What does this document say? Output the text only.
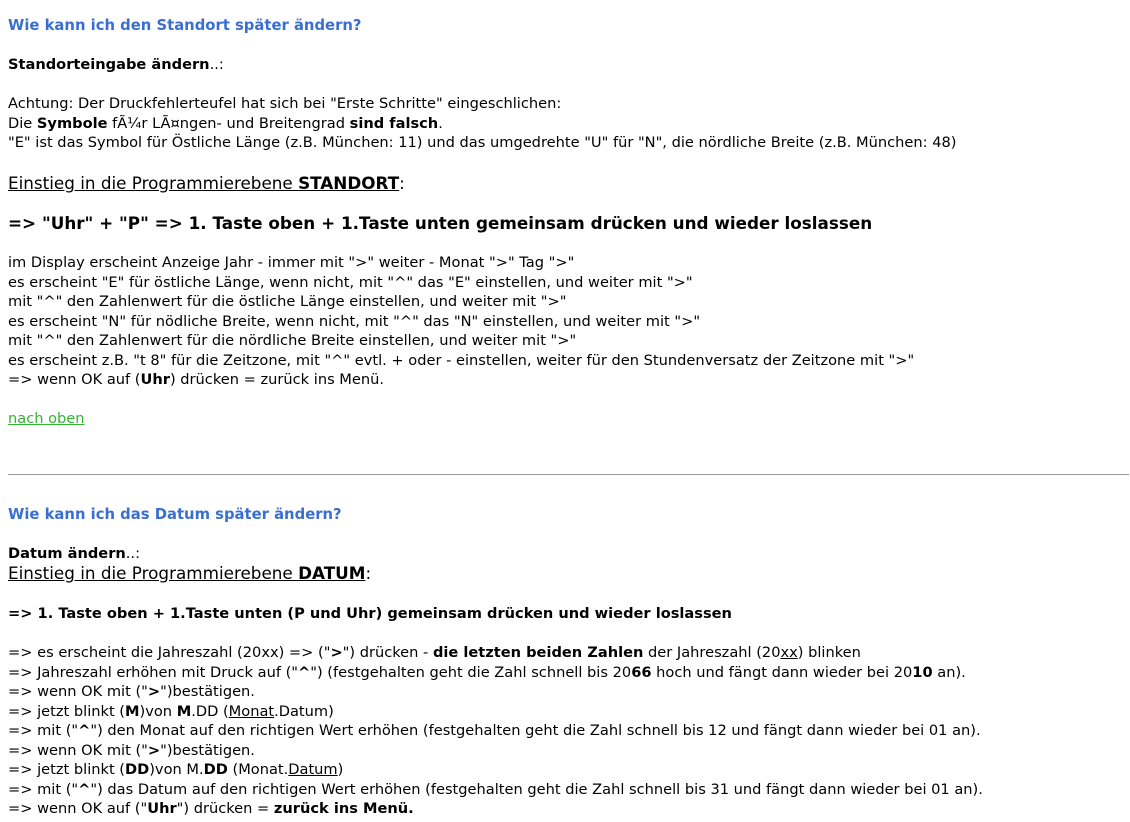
Wie kann ich den Standort später ändern?
Standorteingabe ändern..:
Achtung: Der Druckfehlerteufel hat sich bei "Erste Schritte" eingeschlichen:
Die Symbole fÃ¼r LÃ¤ngen- und Breitengrad sind falsch.
"E" ist das Symbol für Östliche Länge (z.B. München: 11) und das umgedrehte "U" für "N", die nördliche Breite (z.B. München: 48)
Einstieg in die Programmierebene STANDORT:
=> "Uhr" + "P" => 1. Taste oben + 1.Taste unten gemeinsam drücken und wieder loslassen
im Display erscheint Anzeige Jahr - immer mit ">" weiter - Monat ">" Tag ">"
es erscheint "E" für östliche Länge, wenn nicht, mit "^" das "E" einstellen, und weiter mit ">"
mit "^" den Zahlenwert für die östliche Länge einstellen, und weiter mit ">"
es erscheint "N" für nödliche Breite, wenn nicht, mit "^" das "N" einstellen, und weiter mit ">"
mit "^" den Zahlenwert für die nördliche Breite einstellen, und weiter mit ">"
es erscheint z.B. "t 8" für die Zeitzone, mit "^" evtl. + oder - einstellen, weiter für den Stundenversatz der Zeitzone mit ">"
=> wenn OK auf (Uhr) drücken = zurück ins Menü.
nach oben
Wie kann ich das Datum später ändern?
Datum ändern..:
Einstieg in die Programmierebene DATUM:
=> 1. Taste oben + 1.Taste unten (P und Uhr) gemeinsam drücken und wieder loslassen
=> es erscheint die Jahreszahl (20xx) => (">") drücken - die letzten beiden Zahlen der Jahreszahl (20xx) blinken
=> Jahreszahl erhöhen mit Druck auf ("^") (festgehalten geht die Zahl schnell bis 2066 hoch und fängt dann wieder bei 2010 an).
=> wenn OK mit (">")bestätigen.
=> jetzt blinkt (M)von M.DD (Monat.Datum)
=> mit ("^") den Monat auf den richtigen Wert erhöhen (festgehalten geht die Zahl schnell bis 12 und fängt dann wieder bei 01 an).
=> wenn OK mit (">")bestätigen.
=> jetzt blinkt (DD)von M.DD (Monat.Datum)
=> mit ("^") das Datum auf den richtigen Wert erhöhen (festgehalten geht die Zahl schnell bis 31 und fängt dann wieder bei 01 an).
=> wenn OK auf ("Uhr") drücken = zurück ins Menü.
